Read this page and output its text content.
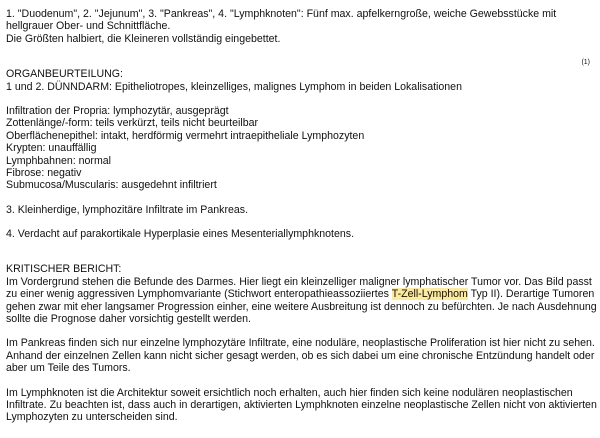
1. "Duodenum", 2. "Jejunum", 3. "Pankreas", 4. "Lymphknoten": Fünf max. apfelkerngroße, weiche Gewebsstücke mit
hellgrauer Ober- und Schnittfläche.
Die Größten halbiert, die Kleineren vollständig eingebettet.
ORGANBEURTEILUNG:
1 und 2. DÜNNDARM: Epitheliotropes, kleinzelliges, malignes Lymphom in beiden Lokalisationen
Infiltration der Propria: lymphozytär, ausgeprägt
Zottenlänge/-form: teils verkürzt, teils nicht beurteilbar
Oberflächenepithel: intakt, herdförmig vermehrt intraepitheliale Lymphozyten
Krypten: unauffällig
Lymphbahnen: normal
Fibrose: negativ
Submucosa/Muscularis: ausgedehnt infiltriert
3. Kleinherdige, lymphozitäre Infiltrate im Pankreas.
4. Verdacht auf parakortikale Hyperplasie eines Mesenteriallymphknotens.
KRITISCHER BERICHT:
Im Vordergrund stehen die Befunde des Darmes. Hier liegt ein kleinzelliger maligner lymphatischer Tumor vor. Das Bild passt
zu einer wenig aggressiven Lymphomvariante (Stichwort enteropathieassoziiertes T-Zell-Lymphom Typ II). Derartige Tumoren
gehen zwar mit eher langsamer Progression einher, eine weitere Ausbreitung ist dennoch zu befürchten. Je nach Ausdehnung
sollte die Prognose daher vorsichtig gestellt werden.
Im Pankreas finden sich nur einzelne lymphozytäre Infiltrate, eine noduläre, neoplastische Proliferation ist hier nicht zu sehen.
Anhand der einzelnen Zellen kann nicht sicher gesagt werden, ob es sich dabei um eine chronische Entzündung handelt oder
aber um Teile des Tumors.
Im Lymphknoten ist die Architektur soweit ersichtlich noch erhalten, auch hier finden sich keine nodulären neoplastischen
Infiltrate. Zu beachten ist, dass auch in derartigen, aktivierten Lymphknoten einzelne neoplastische Zellen nicht von aktivierten
Lymphozyten zu unterscheiden sind.
(1)
